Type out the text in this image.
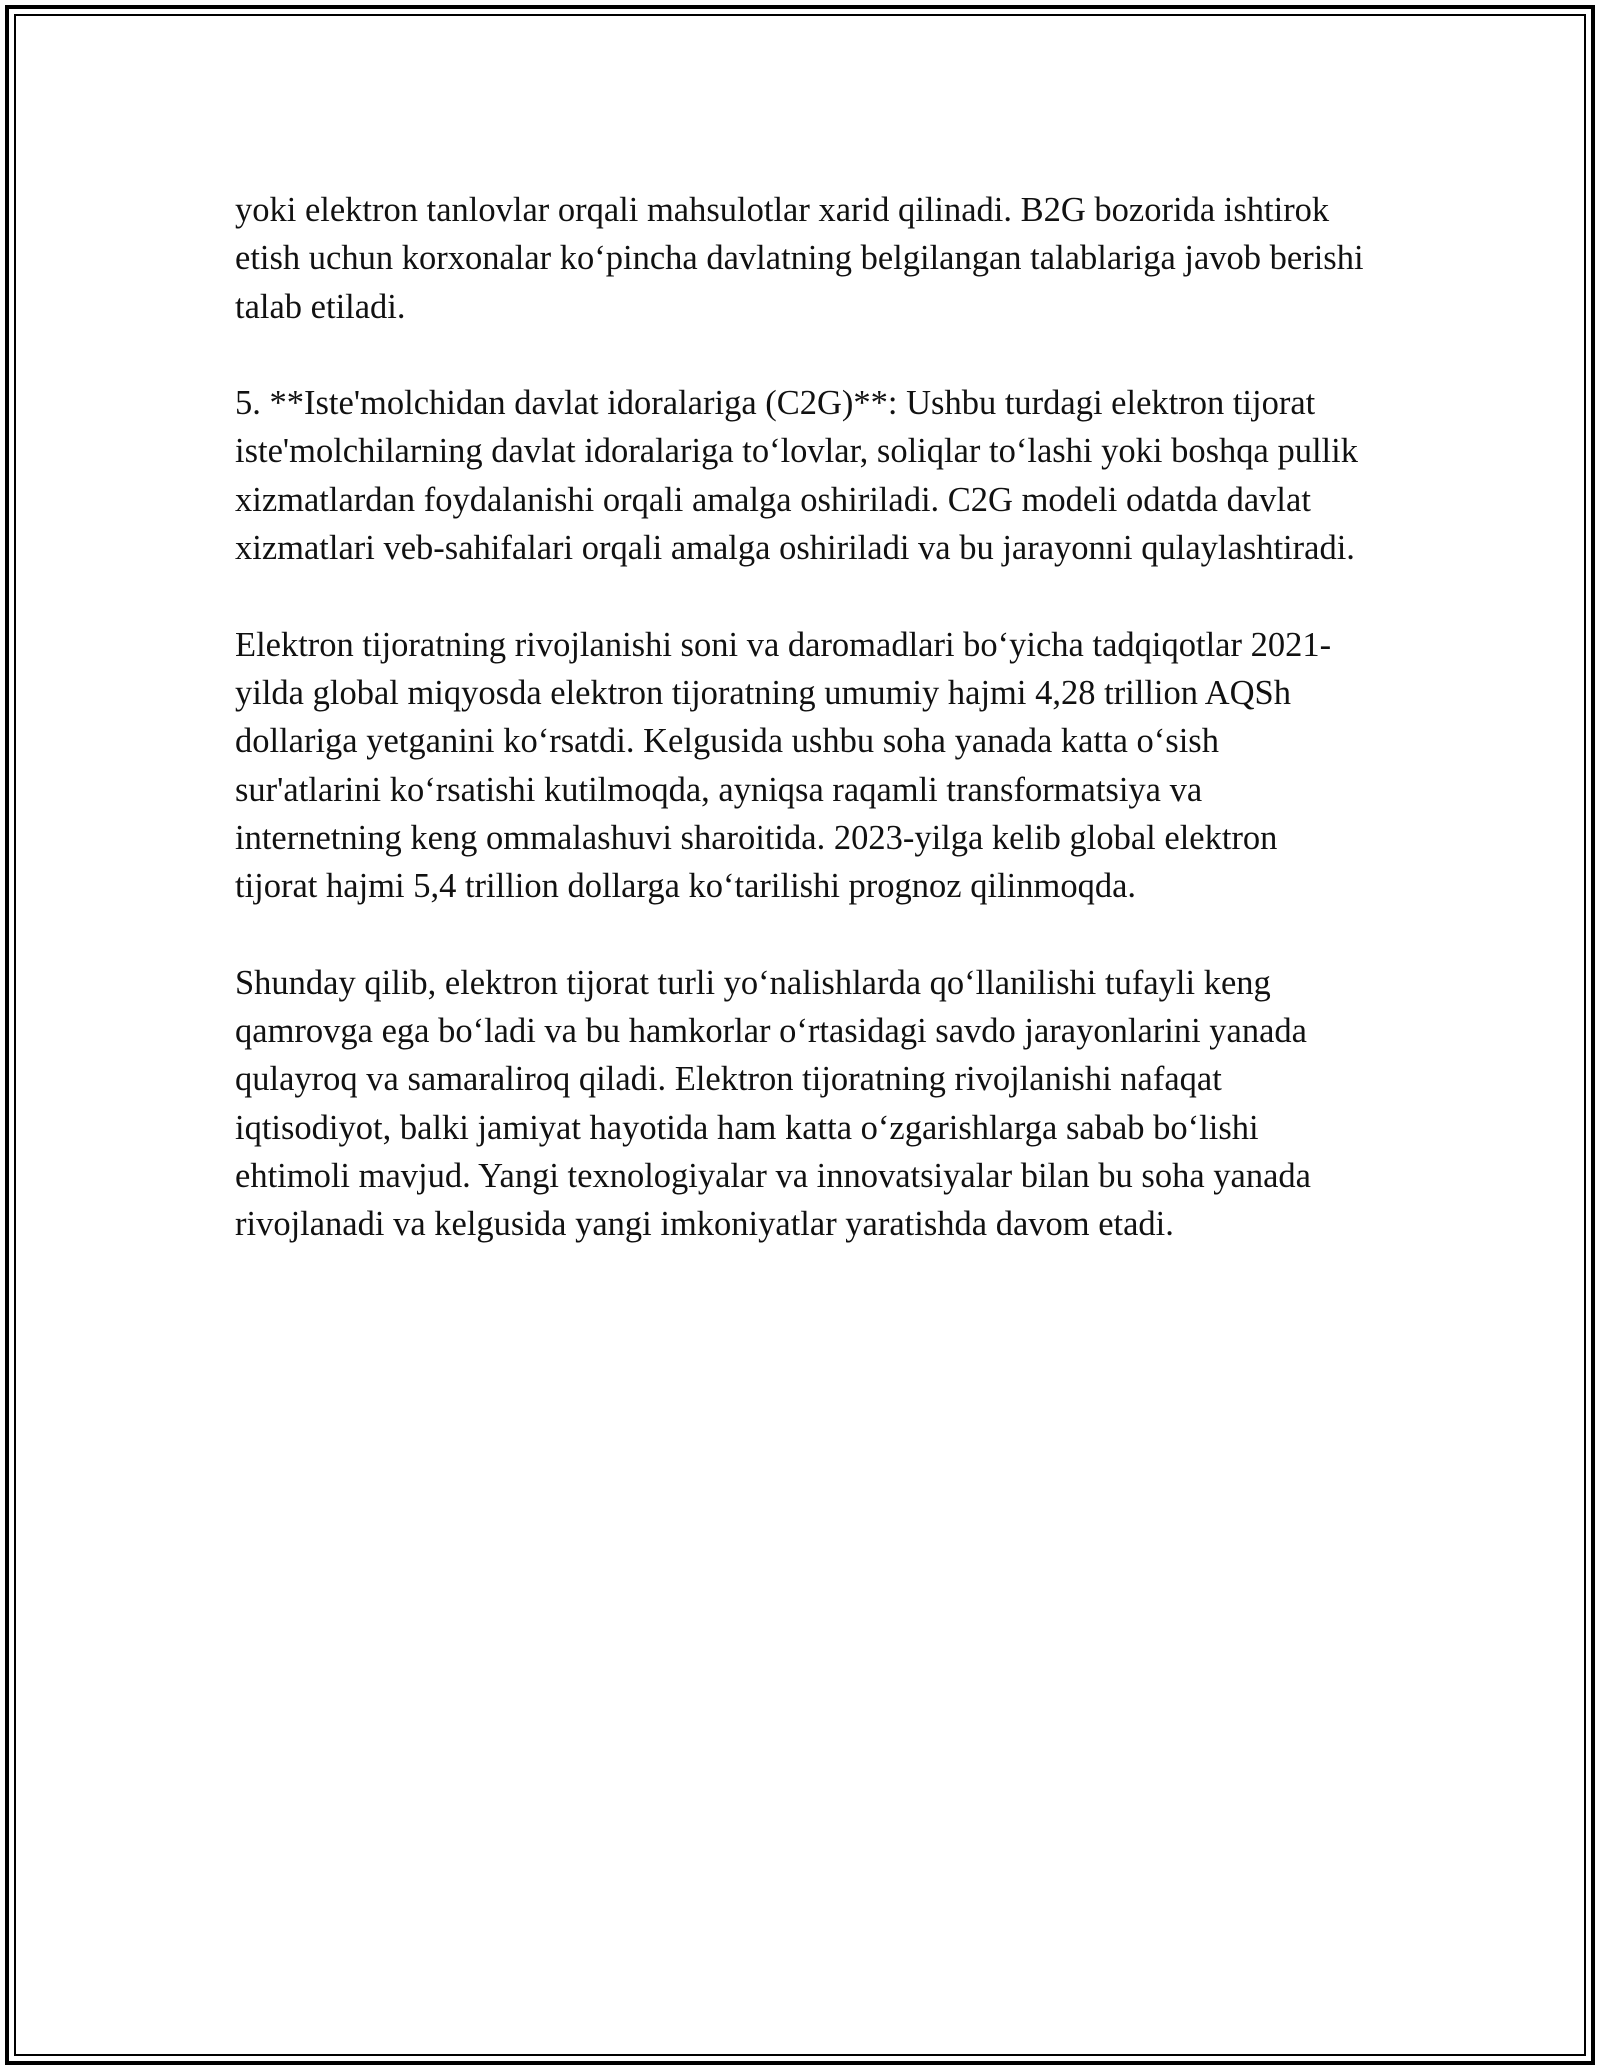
yoki elektron tanlovlar orqali mahsulotlar xarid qilinadi. B2G bozorida ishtirok etish uchun korxonalar koʻpincha davlatning belgilangan talablariga javob berishi talab etiladi.

5. **Iste'molchidan davlat idoralariga (C2G)**: Ushbu turdagi elektron tijorat iste'molchilarning davlat idoralariga toʻlovlar, soliqlar toʻlashi yoki boshqa pullik xizmatlardan foydalanishi orqali amalga oshiriladi. C2G modeli odatda davlat xizmatlari veb-sahifalari orqali amalga oshiriladi va bu jarayonni qulaylashtiradi.

Elektron tijoratning rivojlanishi soni va daromadlari boʻyicha tadqiqotlar 2021-yilda global miqyosda elektron tijoratning umumiy hajmi 4,28 trillion AQSh dollariga yetganini koʻrsatdi. Kelgusida ushbu soha yanada katta oʻsish sur'atlarini koʻrsatishi kutilmoqda, ayniqsa raqamli transformatsiya va internetning keng ommalashuvi sharoitida. 2023-yilga kelib global elektron tijorat hajmi 5,4 trillion dollarga koʻtarilishi prognoz qilinmoqda.

Shunday qilib, elektron tijorat turli yoʻnalishlarda qoʻllanilishi tufayli keng qamrovga ega boʻladi va bu hamkorlar oʻrtasidagi savdo jarayonlarini yanada qulayroq va samaraliroq qiladi. Elektron tijoratning rivojlanishi nafaqat iqtisodiyot, balki jamiyat hayotida ham katta oʻzgarishlarga sabab boʻlishi ehtimoli mavjud. Yangi texnologiyalar va innovatsiyalar bilan bu soha yanada rivojlanadi va kelgusida yangi imkoniyatlar yaratishda davom etadi.
